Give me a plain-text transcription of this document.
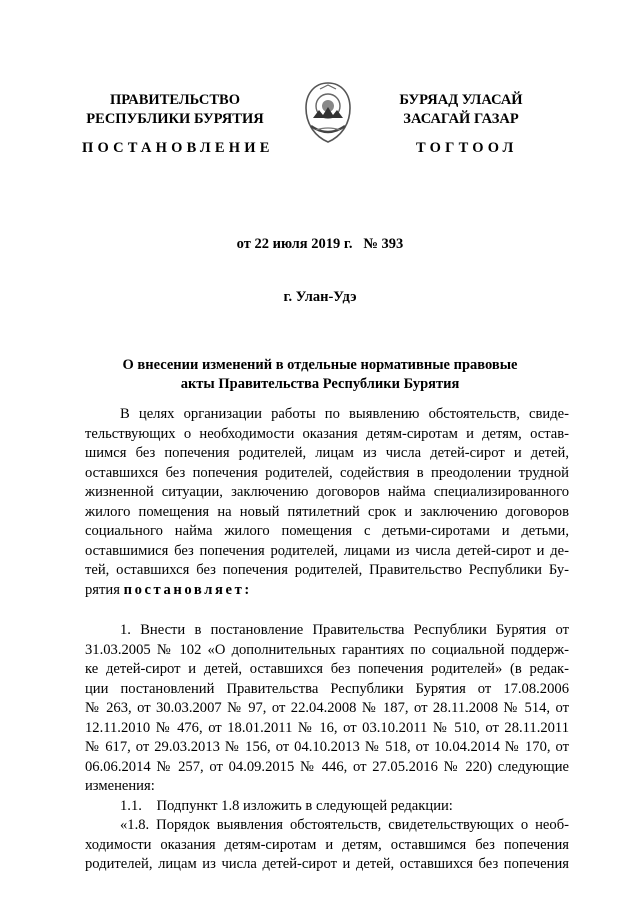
ПРАВИТЕЛЬСТВО
РЕСПУБЛИКИ БУРЯТИЯ
БУРЯАД УЛАСАЙ
ЗАСАГАЙ ГАЗАР
ПОСТАНОВЛЕНИЕ	ТОГТООЛ
от 22 июля 2019 г.   № 393
г. Улан-Удэ
О внесении изменений в отдельные нормативные правовые
акты Правительства Республики Бурятия
В целях организации работы по выявлению обстоятельств, свиде-
тельствующих о необходимости оказания детям-сиротам и детям, остав-
шимся без попечения родителей, лицам из числа детей-сирот и детей,
оставшихся без попечения родителей, содействия в преодолении трудной
жизненной ситуации, заключению договоров найма специализированного
жилого помещения на новый пятилетний срок и заключению договоров
социального найма жилого помещения с детьми-сиротами и детьми,
оставшимися без попечения родителей, лицами из числа детей-сирот и де-
тей, оставшихся без попечения родителей, Правительство Республики Бу-
рятия постановляет:
1. Внести в постановление Правительства Республики Бурятия от
31.03.2005 № 102 «О дополнительных гарантиях по социальной поддерж-
ке детей-сирот и детей, оставшихся без попечения родителей» (в редак-
ции постановлений Правительства Республики Бурятия от 17.08.2006
№ 263, от 30.03.2007 № 97, от 22.04.2008 № 187, от 28.11.2008 № 514, от
12.11.2010 № 476, от 18.01.2011 № 16, от 03.10.2011 № 510, от 28.11.2011
№ 617, от 29.03.2013 № 156, от 04.10.2013 № 518, от 10.04.2014 № 170, от
06.06.2014 № 257, от 04.09.2015 № 446, от 27.05.2016 № 220) следующие
изменения:
1.1.    Подпункт 1.8 изложить в следующей редакции:
«1.8. Порядок выявления обстоятельств, свидетельствующих о необ-
ходимости оказания детям-сиротам и детям, оставшимся без попечения
родителей, лицам из числа детей-сирот и детей, оставшихся без попечения
